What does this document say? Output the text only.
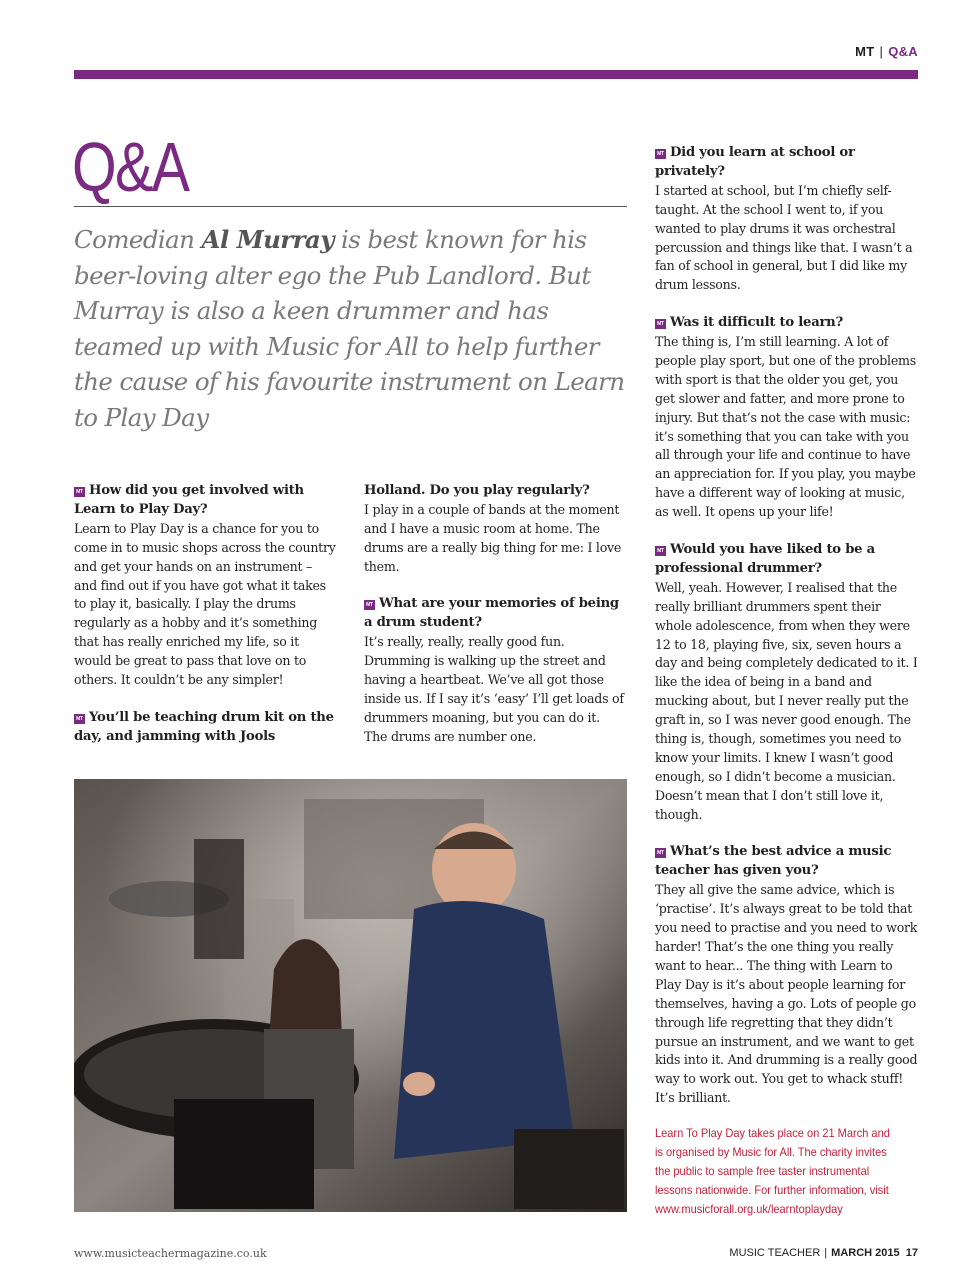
MT | Q&A
Q&A
Comedian Al Murray is best known for his beer-loving alter ego the Pub Landlord. But Murray is also a keen drummer and has teamed up with Music for All to help further the cause of his favourite instrument on Learn to Play Day
MT How did you get involved with Learn to Play Day?
Learn to Play Day is a chance for you to come in to music shops across the country and get your hands on an instrument – and find out if you have got what it takes to play it, basically. I play the drums regularly as a hobby and it’s something that has really enriched my life, so it would be great to pass that love on to others. It couldn’t be any simpler!
MT You’ll be teaching drum kit on the day, and jamming with Jools
Holland. Do you play regularly?
I play in a couple of bands at the moment and I have a music room at home. The drums are a really big thing for me: I love them.
MT What are your memories of being a drum student?
It’s really, really, really good fun. Drumming is walking up the street and having a heartbeat. We’ve all got those inside us. If I say it’s ‘easy’ I’ll get loads of drummers moaning, but you can do it. The drums are number one.
MT Did you learn at school or privately?
I started at school, but I’m chiefly self-taught. At the school I went to, if you wanted to play drums it was orchestral percussion and things like that. I wasn’t a fan of school in general, but I did like my drum lessons.
MT Was it difficult to learn?
The thing is, I’m still learning. A lot of people play sport, but one of the problems with sport is that the older you get, you get slower and fatter, and more prone to injury. But that’s not the case with music: it’s something that you can take with you all through your life and continue to have an appreciation for. If you play, you maybe have a different way of looking at music, as well. It opens up your life!
MT Would you have liked to be a professional drummer?
Well, yeah. However, I realised that the really brilliant drummers spent their whole adolescence, from when they were 12 to 18, playing five, six, seven hours a day and being completely dedicated to it. I like the idea of being in a band and mucking about, but I never really put the graft in, so I was never good enough. The thing is, though, sometimes you need to know your limits. I knew I wasn’t good enough, so I didn’t become a musician. Doesn’t mean that I don’t still love it, though.
MT What’s the best advice a music teacher has given you?
They all give the same advice, which is ‘practise’. It’s always great to be told that you need to practise and you need to work harder! That’s the one thing you really want to hear... The thing with Learn to Play Day is it’s about people learning for themselves, having a go. Lots of people go through life regretting that they didn’t pursue an instrument, and we want to get kids into it. And drumming is a really good way to work out. You get to whack stuff! It’s brilliant.
Learn To Play Day takes place on 21 March and is organised by Music for All. The charity invites the public to sample free taster instrumental lessons nationwide. For further information, visit www.musicforall.org.uk/learntoplayday
www.musicteachermagazine.co.uk	MUSIC TEACHER | MARCH 2015 17
